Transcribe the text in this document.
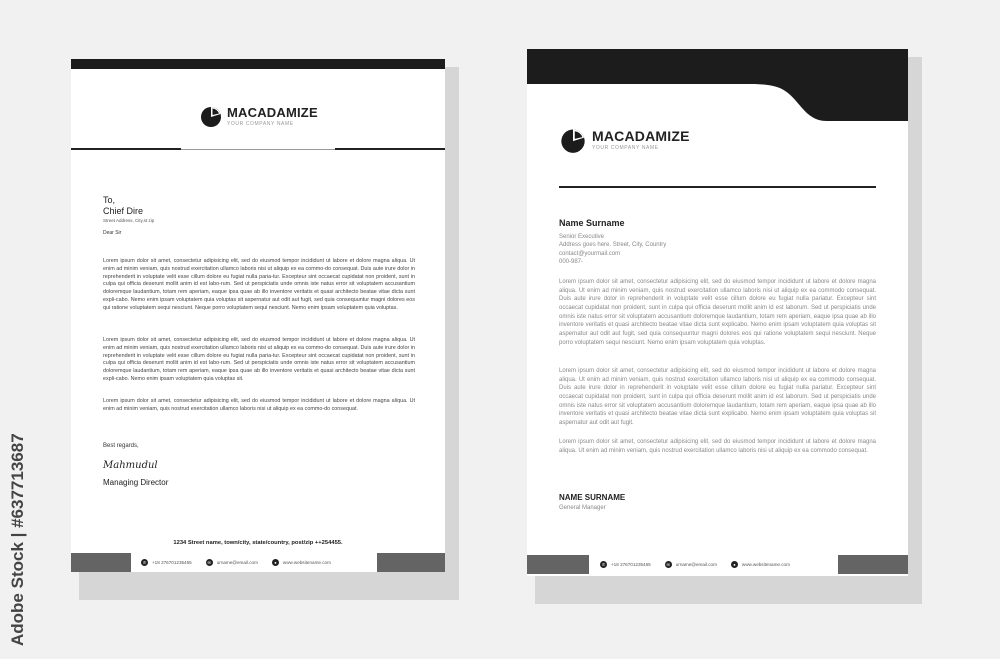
Adobe Stock | #637713687
MACADAMIZE
YOUR COMPANY NAME
To,
Chief Dire
Street Address, City,st zip
Dear Sir
Lorem ipsum dolor sit amet, consectetur adipisicing elit, sed do eiusmod tempor incididunt ut labore et dolore magna aliqua. Ut enim ad minim veniam, quis nostrud exercitation ullamco laboris nisi ut aliquip ex ea commo-do consequat. Duis aute irure dolor in reprehenderit in voluptate velit esse cillum dolore eu fugiat nulla paria-tur. Excepteur sint occaecat cupidatat non proident, sunt in culpa qui officia deserunt mollit anim id est labo-rum. Sed ut perspiciatis unde omnis iste natus error sit voluptatem accusantium doloremque laudantium, totam rem aperiam, eaque ipsa quae ab illo inventore veritatis et quasi architecto beatae vitae dicta sunt expli-cabo. Nemo enim ipsam voluptatem quia voluptas sit aspernatur aut odit aut fugit, sed quia consequuntur magni dolores eos qui ratione voluptatem sequi nesciunt. Neque porro voluptatem sequi nesciunt. Nemo enim ipsam voluptatem quia voluptas.
Lorem ipsum dolor sit amet, consectetur adipisicing elit, sed do eiusmod tempor incididunt ut labore et dolore magna aliqua. Ut enim ad minim veniam, quis nostrud exercitation ullamco laboris nisi ut aliquip ex ea commo-do consequat. Duis aute irure dolor in reprehenderit in voluptate velit esse cillum dolore eu fugiat nulla paria-tur. Excepteur sint occaecat cupidatat non proident, sunt in culpa qui officia deserunt mollit anim id est labo-rum. Sed ut perspiciatis unde omnis iste natus error sit voluptatem accusantium doloremque laudantium, totam rem aperiam, eaque ipsa quae ab illo inventore veritatis et quasi architecto beatae vitae dicta sunt expli-cabo. Nemo enim ipsam voluptatem quia voluptas sit.
Lorem ipsum dolor sit amet, consectetur adipisicing elit, sed do eiusmod tempor incididunt ut labore et dolore magna aliqua. Ut enim ad minim veniam, quis nostrud exercitation ullamco laboris nisi ut aliquip ex ea commo-do consequat.
Best regards,
Mahmudul
Managing Director
1234 Street name, town/city, state/country, post/zip ++254455.
✆	+18 276701235465	✉	urname@email.com	●	www.websitename.com
MACADAMIZE
YOUR COMPANY NAME
Name Surname
Senior Executive
Address goes here. Street, City, Country
contact@yourmail.com
000-987-
Lorem ipsum dolor sit amet, consectetur adipisicing elit, sed do eiusmod tempor incididunt ut labore et dolore magna aliqua. Ut enim ad minim veniam, quis nostrud exercitation ullamco laboris nisi ut aliquip ex ea commodo consequat. Duis aute irure dolor in reprehenderit in voluptate velit esse cillum dolore eu fugiat nulla pariatur. Excepteur sint occaecat cupidatat non proident, sunt in culpa qui officia deserunt mollit anim id est laborum. Sed ut perspiciatis unde omnis iste natus error sit voluptatem accusantium doloremque laudantium, totam rem aperiam, eaque ipsa quae ab illo inventore veritatis et quasi architecto beatae vitae dicta sunt explicabo. Nemo enim ipsam voluptatem quia voluptas sit aspernatur aut odit aut fugit, sed quia consequuntur magni dolores eos qui ratione voluptatem sequi nesciunt. Neque porro voluptatem sequi nesciunt. Nemo enim ipsam voluptatem quia voluptas.
Lorem ipsum dolor sit amet, consectetur adipisicing elit, sed do eiusmod tempor incididunt ut labore et dolore magna aliqua. Ut enim ad minim veniam, quis nostrud exercitation ullamco laboris nisi ut aliquip ex ea commodo consequat. Duis aute irure dolor in reprehenderit in voluptate velit esse cillum dolore eu fugiat nulla pariatur. Excepteur sint occaecat cupidatat non proident, sunt in culpa qui officia deserunt mollit anim id est laborum. Sed ut perspiciatis unde omnis iste natus error sit voluptatem accusantium doloremque laudantium, totam rem aperiam, eaque ipsa quae ab illo inventore veritatis et quasi architecto beatae vitae dicta sunt explicabo. Nemo enim ipsam voluptatem quia voluptas sit aspernatur aut odit aut fugit.
Lorem ipsum dolor sit amet, consectetur adipisicing elit, sed do eiusmod tempor incididunt ut labore et dolore magna aliqua. Ut enim ad minim veniam, quis nostrud exercitation ullamco laboris nisi ut aliquip ex ea commodo consequat.
NAME SURNAME
General Manager
✆	+18 276701235465	✉	urname@email.com	●	www.websitename.com
